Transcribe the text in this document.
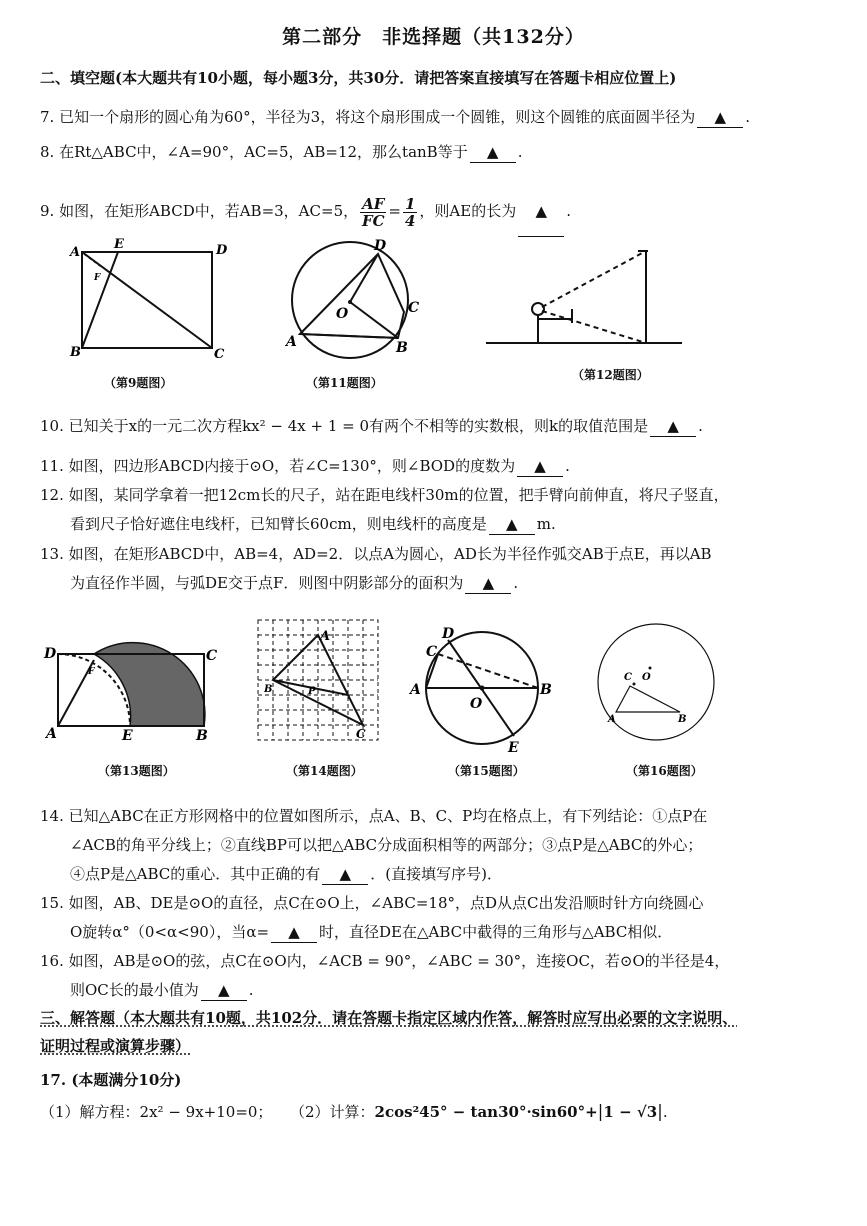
第二部分　非选择题（共132分）
二、填空题(本大题共有10小题，每小题3分，共30分．请把答案直接填写在答题卡相应位置上)
7. 已知一个扇形的圆心角为60°，半径为3，将这个扇形围成一个圆锥，则这个圆锥的底面圆半径为 ▲ .
8. 在Rt△ABC中，∠A=90°，AC=5，AB=12，那么tanB等于 ▲ .
9. 如图，在矩形ABCD中，若AB=3，AC=5， $\frac{AF}{FC} = \frac{1}{4}$ ，则AE的长为 ▲ .
A
E	D
B	C
F
（第9题图）
D
O	C
A	B
（第11题图）
（第12题图）
10. 已知关于x的一元二次方程kx² − 4x + 1 = 0有两个不相等的实数根，则k的取值范围是 ▲ .
11. 如图，四边形ABCD内接于⊙O，若∠C=130°，则∠BOD的度数为 ▲ .
12. 如图，某同学拿着一把12cm长的尺子，站在距电线杆30m的位置，把手臂向前伸直，将尺子竖直，
看到尺子恰好遮住电线杆，已知臂长60cm，则电线杆的高度是 ▲ m.
13. 如图，在矩形ABCD中，AB=4，AD=2．以点A为圆心，AD长为半径作弧交AB于点E，再以AB
为直径作半圆，与弧DE交于点F．则图中阴影部分的面积为 ▲ .
D	C
F
A	E	B
（第13题图）
A
B	P
C
（第14题图）
D
C
A	B
O
E
（第15题图）
C O
A	B
（第16题图）
14. 已知△ABC在正方形网格中的位置如图所示，点A、B、C、P均在格点上，有下列结论：①点P在
∠ACB的角平分线上；②直线BP可以把△ABC分成面积相等的两部分；③点P是△ABC的外心；
④点P是△ABC的重心．其中正确的有 ▲ ．(直接填写序号)．
15. 如图，AB、DE是⊙O的直径，点C在⊙O上，∠ABC=18°，点D从点C出发沿顺时针方向绕圆心
O旋转α°（0<α<90），当α= ▲ 时，直径DE在△ABC中截得的三角形与△ABC相似．
16. 如图，AB是⊙O的弦，点C在⊙O内，∠ACB = 90°，∠ABC = 30°，连接OC，若⊙O的半径是4，
则OC长的最小值为 ▲ .
三、解答题（本大题共有10题，共102分．请在答题卡指定区域内作答，解答时应写出必要的文字说明、
证明过程或演算步骤）
17. (本题满分10分)
（1）解方程：2x² − 9x+10=0； （2）计算：2cos²45° − tan30°·sin60°+|1 − √3|.
